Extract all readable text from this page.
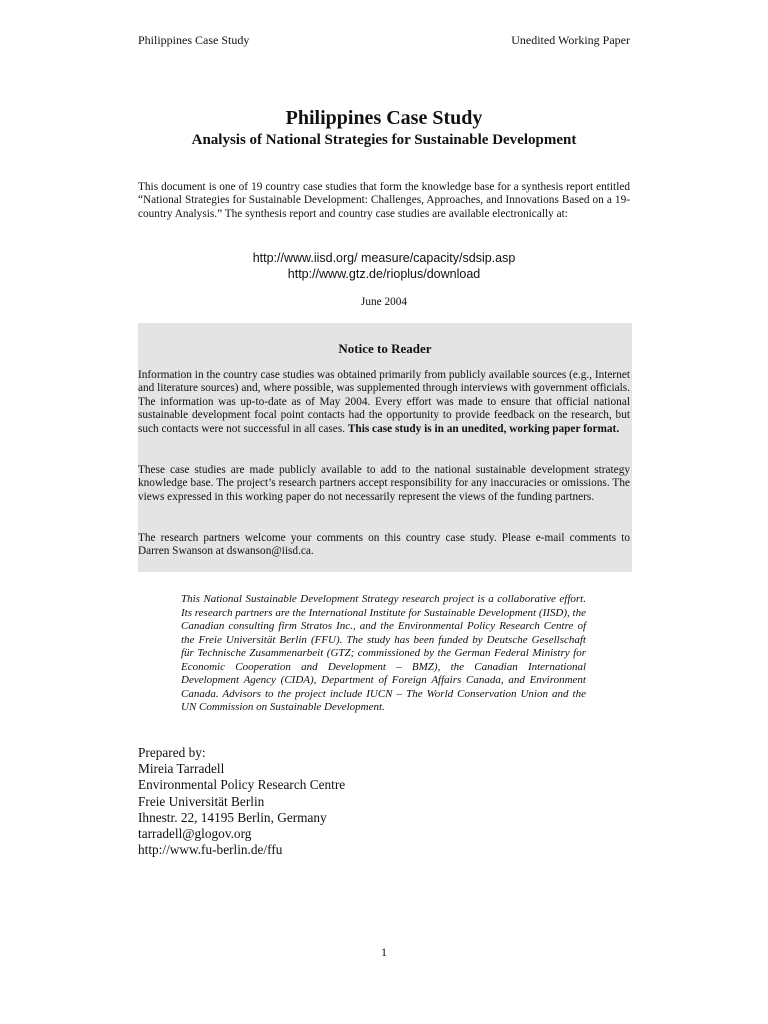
Philippines Case Study	Unedited Working Paper
Philippines Case Study
Analysis of National Strategies for Sustainable Development

This document is one of 19 country case studies that form the knowledge base for a synthesis report entitled “National Strategies for Sustainable Development: Challenges, Approaches, and Innovations Based on a 19-country Analysis.” The synthesis report and country case studies are available electronically at:

http://www.iisd.org/ measure/capacity/sdsip.asp
http://www.gtz.de/rioplus/download
June 2004
Notice to Reader

Information in the country case studies was obtained primarily from publicly available sources (e.g., Internet and literature sources) and, where possible, was supplemented through interviews with government officials. The information was up-to-date as of May 2004. Every effort was made to ensure that official national sustainable development focal point contacts had the opportunity to provide feedback on the research, but such contacts were not successful in all cases. This case study is in an unedited, working paper format.

These case studies are made publicly available to add to the national sustainable development strategy knowledge base. The project’s research partners accept responsibility for any inaccuracies or omissions. The views expressed in this working paper do not necessarily represent the views of the funding partners.

The research partners welcome your comments on this country case study. Please e-mail comments to Darren Swanson at dswanson@iisd.ca.

This National Sustainable Development Strategy research project is a collaborative effort. Its research partners are the International Institute for Sustainable Development (IISD), the Canadian consulting firm Stratos Inc., and the Environmental Policy Research Centre of the Freie Universität Berlin (FFU). The study has been funded by Deutsche Gesellschaft für Technische Zusammenarbeit (GTZ; commissioned by the German Federal Ministry for Economic Cooperation and Development – BMZ), the Canadian International Development Agency (CIDA), Department of Foreign Affairs Canada, and Environment Canada. Advisors to the project include IUCN – The World Conservation Union and the UN Commission on Sustainable Development.

Prepared by:
Mireia Tarradell
Environmental Policy Research Centre
Freie Universität Berlin
Ihnestr. 22, 14195 Berlin, Germany
tarradell@glogov.org
http://www.fu-berlin.de/ffu
1
